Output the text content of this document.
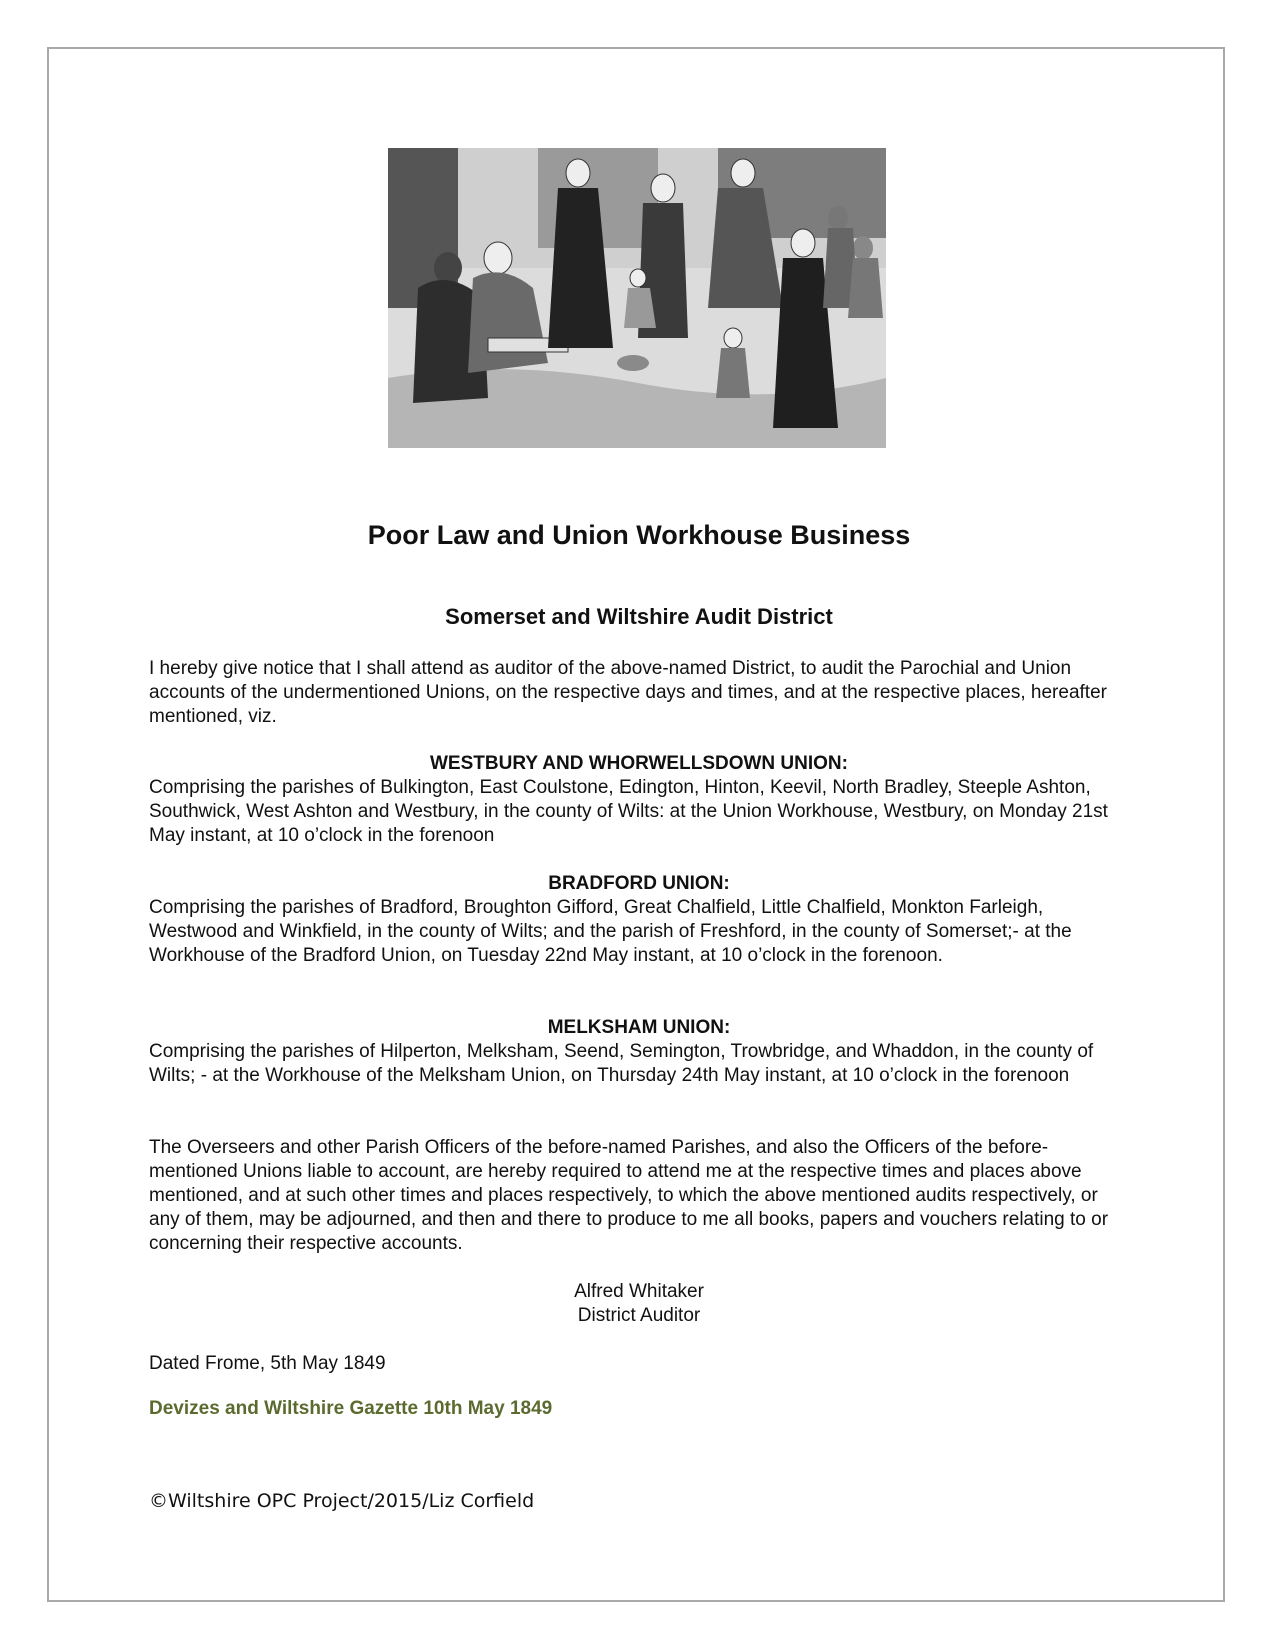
Poor Law and Union Workhouse Business
Somerset and Wiltshire Audit District

I hereby give notice that I shall attend as auditor of the above-named District, to audit the Parochial and Union accounts of the undermentioned Unions, on the respective days and times, and at the respective places, hereafter mentioned, viz.

WESTBURY AND WHORWELLSDOWN UNION:

Comprising the parishes of Bulkington, East Coulstone, Edington, Hinton, Keevil, North Bradley, Steeple Ashton, Southwick, West Ashton and Westbury, in the county of Wilts: at the Union Workhouse, Westbury, on Monday 21st May instant, at 10 o’clock in the forenoon

BRADFORD UNION:

Comprising the parishes of Bradford, Broughton Gifford, Great Chalfield, Little Chalfield, Monkton Farleigh, Westwood and Winkfield, in the county of Wilts; and the parish of Freshford, in the county of Somerset;- at the Workhouse of the Bradford Union, on Tuesday 22nd May instant, at 10 o’clock in the forenoon.

MELKSHAM UNION:

Comprising the parishes of Hilperton, Melksham, Seend, Semington, Trowbridge, and Whaddon, in the county of Wilts; - at the Workhouse of the Melksham Union, on Thursday 24th May instant, at 10 o’clock in the forenoon

The Overseers and other Parish Officers of the before-named Parishes, and also the Officers of the before-mentioned Unions liable to account, are hereby required to attend me at the respective times and places above mentioned, and at such other times and places respectively, to which the above mentioned audits respectively, or any of them, may be adjourned, and then and there to produce to me all books, papers and vouchers relating to or concerning their respective accounts.

Alfred Whitaker

District Auditor

Dated Frome, 5th May 1849

Devizes and Wiltshire Gazette 10th May 1849

©Wiltshire OPC Project/2015/Liz Corfield
